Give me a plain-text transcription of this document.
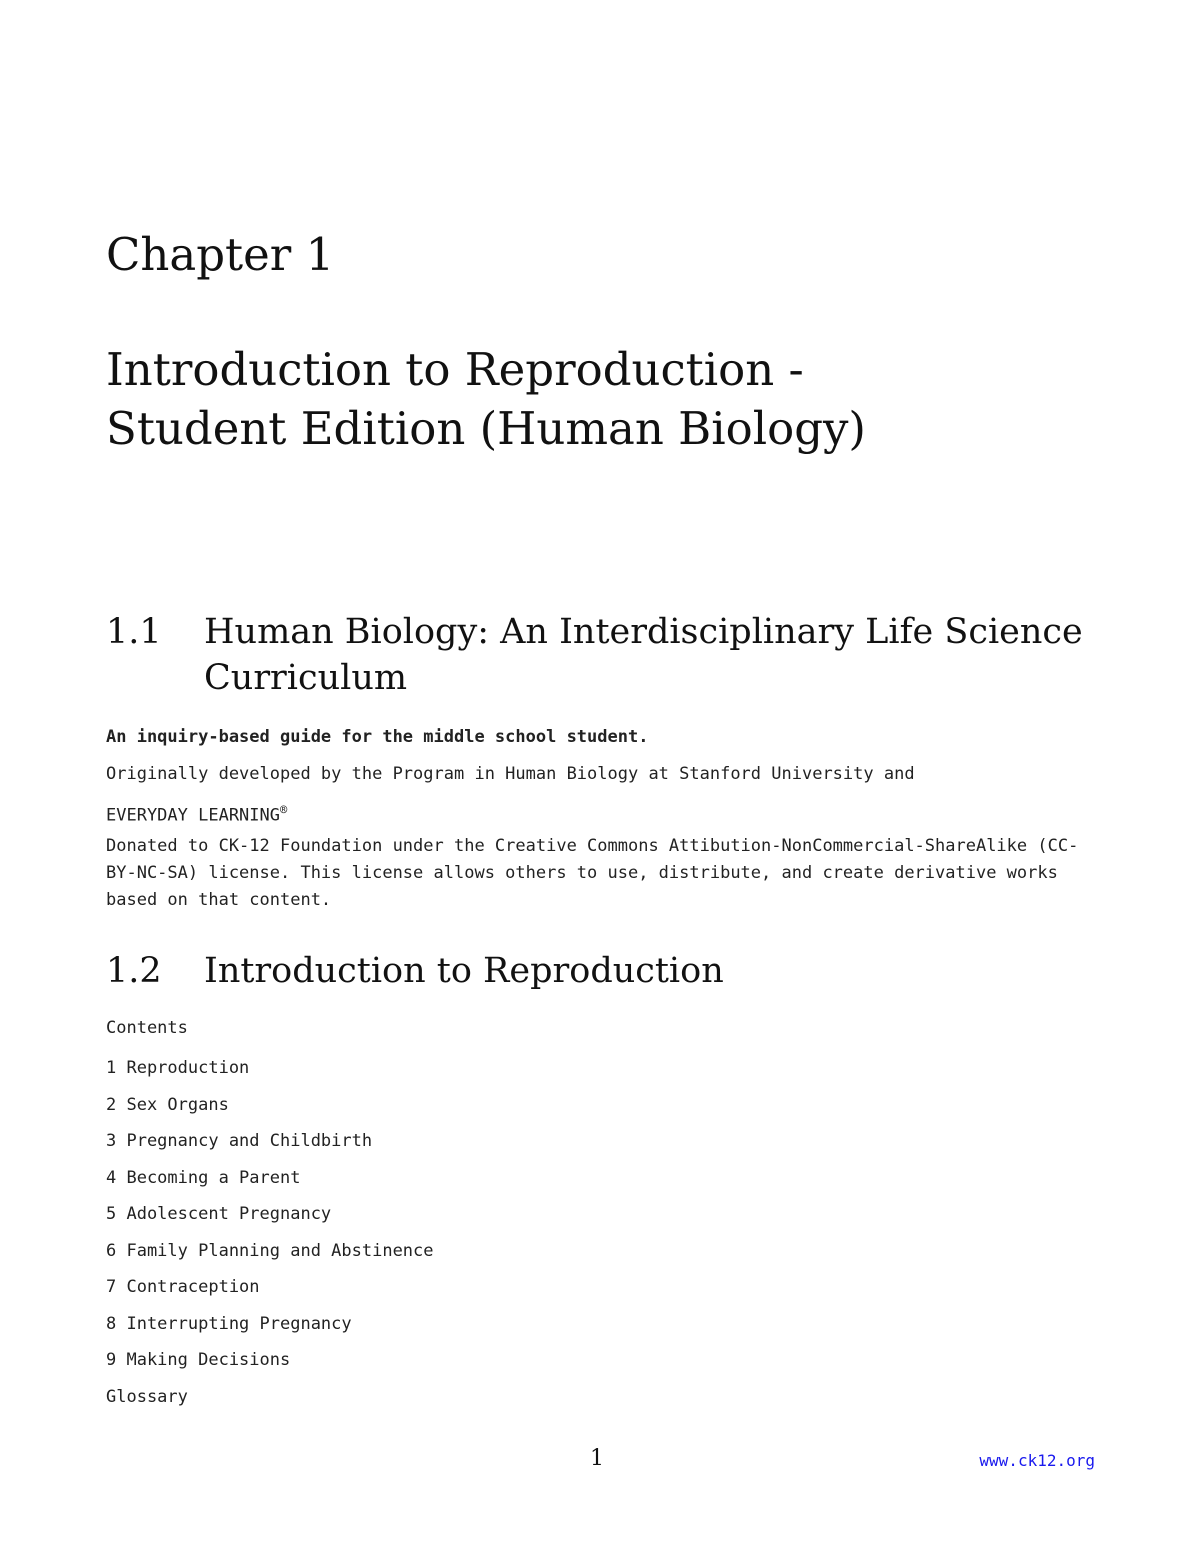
Chapter 1
Introduction to Reproduction - Student Edition (Human Biology)
1.1 Human Biology: An Interdisciplinary Life Science Curriculum

An inquiry-based guide for the middle school student.

Originally developed by the Program in Human Biology at Stanford University and

EVERYDAY LEARNING®

Donated to CK-12 Foundation under the Creative Commons Attibution-NonCommercial-ShareAlike (CC-BY-NC-SA) license. This license allows others to use, distribute, and create derivative works based on that content.

1.2 Introduction to Reproduction

Contents

1 Reproduction
2 Sex Organs
3 Pregnancy and Childbirth
4 Becoming a Parent
5 Adolescent Pregnancy
6 Family Planning and Abstinence
7 Contraception
8 Interrupting Pregnancy
9 Making Decisions
Glossary
1	www.ck12.org
